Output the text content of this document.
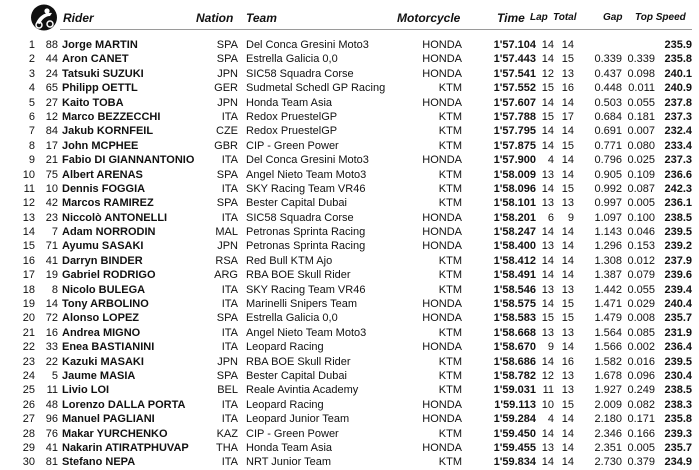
Rider	Nation Team	Motorcycle	Time Lap Total	Gap Top Speed
1 88 Jorge MARTIN	SPA Del Conca Gresini Moto3	HONDA	1'57.104 14 14	235.9
2 44 Aron CANET	SPA Estrella Galicia 0,0	HONDA	1'57.443 14 15	0.339 0.339 235.8
3 24 Tatsuki SUZUKI	JPN SIC58 Squadra Corse	HONDA	1'57.541 12 13	0.437 0.098 240.1
4 65 Philipp OETTL	GER Sudmetal Schedl GP Racing	KTM	1'57.552 15 16	0.448 0.011 240.9
5 27 Kaito TOBA	JPN Honda Team Asia	HONDA	1'57.607 14 14	0.503 0.055 237.8
6 12 Marco BEZZECCHI	ITA Redox PruestelGP	KTM	1'57.788 15 17	0.684 0.181 237.3
7 84 Jakub KORNFEIL	CZE Redox PruestelGP	KTM	1'57.795 14 14	0.691 0.007 232.4
8 17 John MCPHEE	GBR CIP - Green Power	KTM	1'57.875 14 15	0.771 0.080 233.4
9 21 Fabio DI GIANNANTONIO	ITA Del Conca Gresini Moto3	HONDA	1'57.900	4 14	0.796 0.025 237.3
10 75 Albert ARENAS	SPA Angel Nieto Team Moto3	KTM	1'58.009 13 14	0.905 0.109 236.6
11 10 Dennis FOGGIA	ITA SKY Racing Team VR46	KTM	1'58.096 14 15	0.992 0.087 242.3
12 42 Marcos RAMIREZ	SPA Bester Capital Dubai	KTM	1'58.101 13 13	0.997 0.005 236.1
13 23 Niccolò ANTONELLI	ITA SIC58 Squadra Corse	HONDA	1'58.201	6	9	1.097 0.100 238.5
14	7 Adam NORRODIN	MAL Petronas Sprinta Racing	HONDA	1'58.247 14 14	1.143 0.046 239.5
15 71 Ayumu SASAKI	JPN Petronas Sprinta Racing	HONDA	1'58.400 13 14	1.296 0.153 239.2
16 41 Darryn BINDER	RSA Red Bull KTM Ajo	KTM	1'58.412 14 14	1.308 0.012 237.9
17 19 Gabriel RODRIGO	ARG RBA BOE Skull Rider	KTM	1'58.491 14 14	1.387 0.079 239.6
18	8 Nicolo BULEGA	ITA SKY Racing Team VR46	KTM	1'58.546 13 13	1.442 0.055 239.4
19 14 Tony ARBOLINO	ITA Marinelli Snipers Team	HONDA	1'58.575 14 15	1.471 0.029 240.4
20 72 Alonso LOPEZ	SPA Estrella Galicia 0,0	HONDA	1'58.583 15 15	1.479 0.008 235.7
21 16 Andrea MIGNO	ITA Angel Nieto Team Moto3	KTM	1'58.668 13 13	1.564 0.085 231.9
22 33 Enea BASTIANINI	ITA Leopard Racing	HONDA	1'58.670	9 14	1.566 0.002 236.4
23 22 Kazuki MASAKI	JPN RBA BOE Skull Rider	KTM	1'58.686 14 16	1.582 0.016 239.5
24	5 Jaume MASIA	SPA Bester Capital Dubai	KTM	1'58.782 12 13	1.678 0.096 230.4
25	11 Livio LOI	BEL Reale Avintia Academy	KTM	1'59.031 11 13	1.927 0.249 238.5
26 48 Lorenzo DALLA PORTA	ITA Leopard Racing	HONDA	1'59.113 10 15	2.009 0.082 238.3
27 96 Manuel PAGLIANI	ITA Leopard Junior Team	HONDA	1'59.284	4 14	2.180 0.171 235.8
28 76 Makar YURCHENKO	KAZ CIP - Green Power	KTM	1'59.450 14 14	2.346 0.166 239.3
29 41 Nakarin ATIRATPHUVAP	THA Honda Team Asia	HONDA	1'59.455 13 14	2.351 0.005 235.7
30 81 Stefano NEPA	ITA NRT Junior Team	KTM	1'59.834 14 14	2.730 0.379 234.9
